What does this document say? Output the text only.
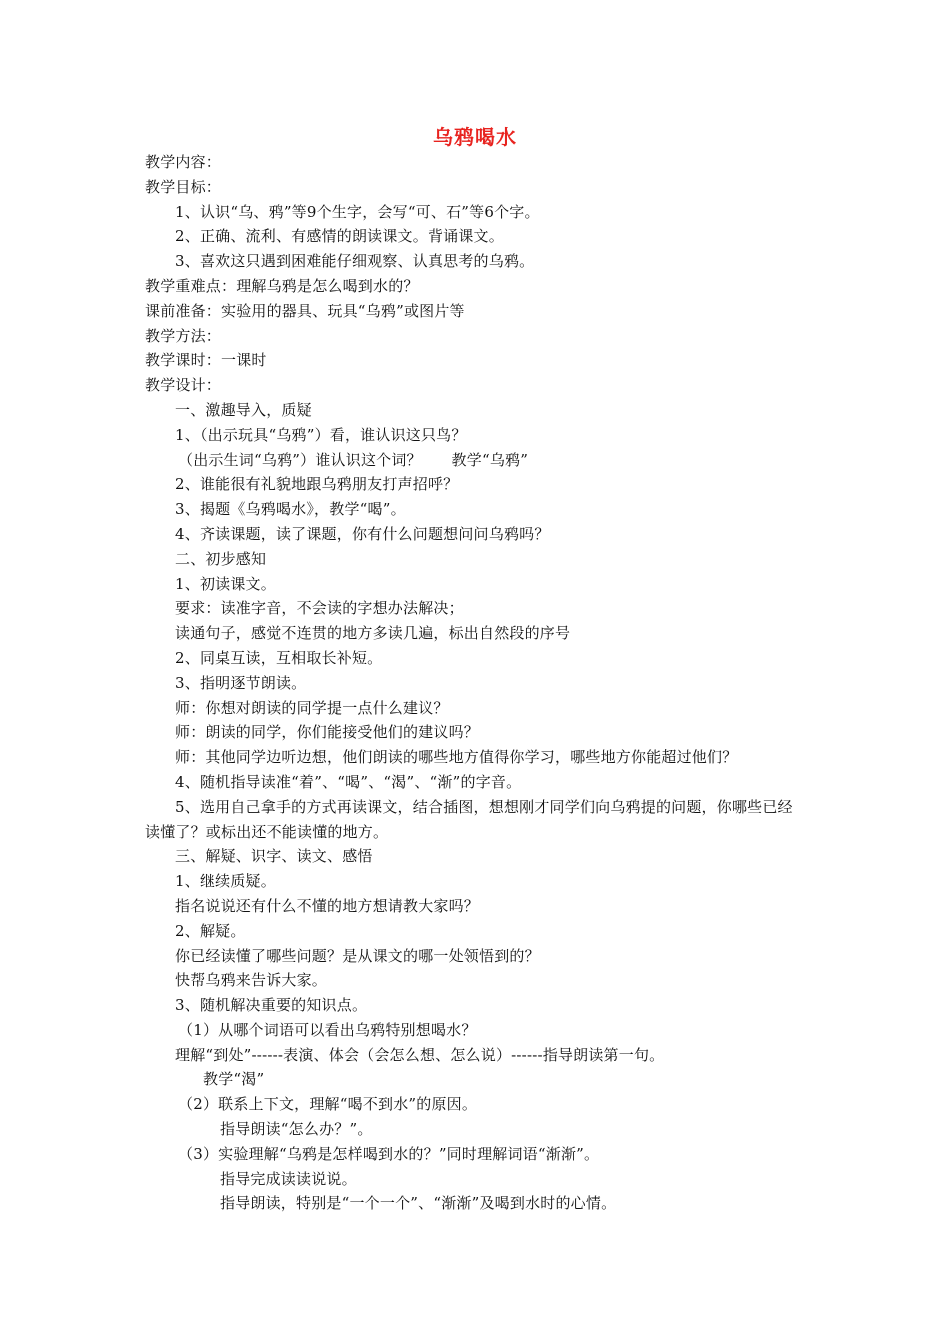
乌鸦喝水
教学内容：
教学目标：
1、认识“乌、鸦”等9个生字，会写“可、石”等6个字。
2、正确、流利、有感情的朗读课文。背诵课文。
3、喜欢这只遇到困难能仔细观察、认真思考的乌鸦。
教学重难点：理解乌鸦是怎么喝到水的？
课前准备：实验用的器具、玩具“乌鸦”或图片等
教学方法：
教学课时：一课时
教学设计：
一、激趣导入，质疑
1、（出示玩具“乌鸦”）看，谁认识这只鸟？
（出示生词“乌鸦”）谁认识这个词？      教学“乌鸦”
2、谁能很有礼貌地跟乌鸦朋友打声招呼？
3、揭题《乌鸦喝水》，教学“喝”。
4、齐读课题，读了课题，你有什么问题想问问乌鸦吗？
二、初步感知
1、初读课文。
要求：读准字音，不会读的字想办法解决；
读通句子，感觉不连贯的地方多读几遍，标出自然段的序号
2、同桌互读，互相取长补短。
3、指明逐节朗读。
师：你想对朗读的同学提一点什么建议？
师：朗读的同学，你们能接受他们的建议吗？
师：其他同学边听边想，他们朗读的哪些地方值得你学习，哪些地方你能超过他们？
4、随机指导读准“着”、“喝”、“渴”、“渐”的字音。
5、选用自己拿手的方式再读课文，结合插图，想想刚才同学们向乌鸦提的问题，你哪些已经读懂了？或标出还不能读懂的地方。
三、解疑、识字、读文、感悟
1、继续质疑。
指名说说还有什么不懂的地方想请教大家吗？
2、解疑。
你已经读懂了哪些问题？是从课文的哪一处领悟到的？
快帮乌鸦来告诉大家。
3、随机解决重要的知识点。
（1）从哪个词语可以看出乌鸦特别想喝水？
理解“到处”------表演、体会（会怎么想、怎么说）------指导朗读第一句。
教学“渴”
（2）联系上下文，理解“喝不到水”的原因。
指导朗读“怎么办？”。
（3）实验理解“乌鸦是怎样喝到水的？”同时理解词语“渐渐”。
指导完成读读说说。
指导朗读，特别是“一个一个”、“渐渐”及喝到水时的心情。
